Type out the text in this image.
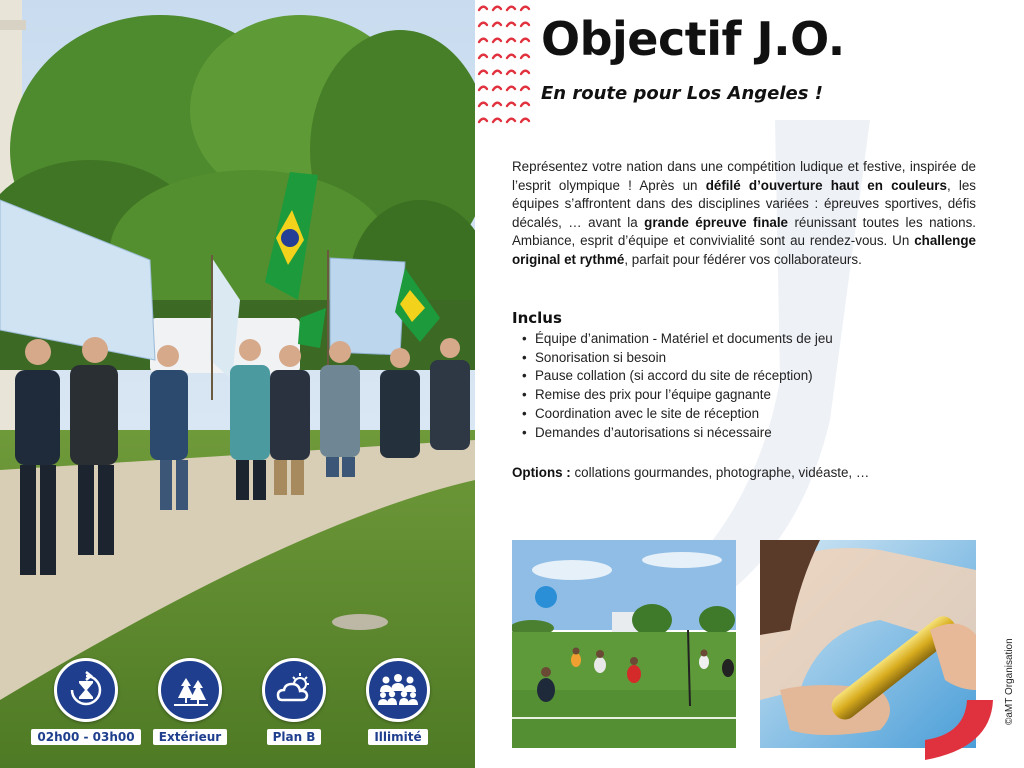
02h00 - 03h00	Extérieur	Plan B	Illimité
Objectif J.O.
En route pour Los Angeles !

Représentez votre nation dans une compétition ludique et festive, inspirée de l’esprit olympique ! Après un défilé d’ouverture haut en couleurs, les équipes s’affrontent dans des disciplines variées : épreuves sportives, défis décalés, … avant la grande épreuve finale réunissant toutes les nations. Ambiance, esprit d’équipe et convivialité sont au rendez-vous. Un challenge original et rythmé, parfait pour fédérer vos collaborateurs.

Inclus
• Équipe d’animation - Matériel et documents de jeu
• Sonorisation si besoin
• Pause collation (si accord du site de réception)
• Remise des prix pour l’équipe gagnante
• Coordination avec le site de réception
• Demandes d’autorisations si nécessaire

Options : collations gourmandes, photographe, vidéaste, …

©aMT Organisation
